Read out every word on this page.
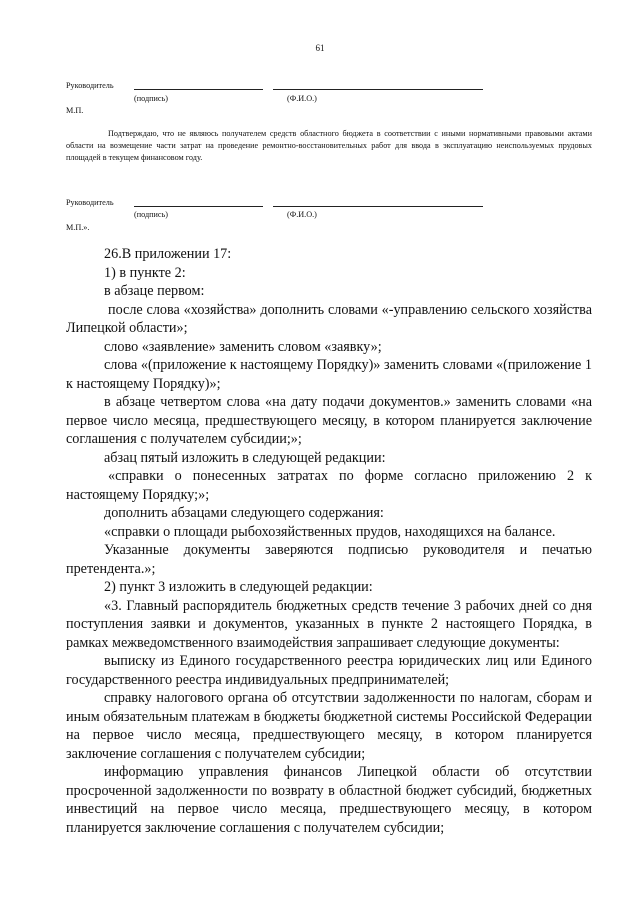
61
Руководитель
(подпись)	(Ф.И.О.)
М.П.
Подтверждаю, что не являюсь получателем средств областного бюджета в соответствии с иными нормативными правовыми актами области на возмещение части затрат на проведение ремонтно-восстановительных работ для ввода в эксплуатацию неиспользуемых прудовых площадей в текущем финансовом году.
Руководитель
(подпись)	(Ф.И.О.)
М.П.».

26.В приложении 17:

1) в пункте 2:

в абзаце первом:

после слова «хозяйства» дополнить словами «-управлению сельского хозяйства Липецкой области»;

слово «заявление» заменить словом «заявку»;

слова «(приложение к настоящему Порядку)» заменить словами «(приложение 1 к настоящему Порядку)»;

в абзаце четвертом слова «на дату подачи документов.» заменить словами «на первое число месяца, предшествующего месяцу, в котором планируется заключение соглашения с получателем субсидии;»;

абзац пятый изложить в следующей редакции:

«справки о понесенных затратах по форме согласно приложению 2 к настоящему Порядку;»;

дополнить абзацами следующего содержания:

«справки о площади рыбохозяйственных прудов, находящихся на балансе.

Указанные документы заверяются подписью руководителя и печатью претендента.»;

2) пункт 3 изложить в следующей редакции:

«3. Главный распорядитель бюджетных средств течение 3 рабочих дней со дня поступления заявки и документов, указанных в пункте 2 настоящего Порядка, в рамках межведомственного взаимодействия запрашивает следующие документы:

выписку из Единого государственного реестра юридических лиц или Единого государственного реестра индивидуальных предпринимателей;

справку налогового органа об отсутствии задолженности по налогам, сборам и иным обязательным платежам в бюджеты бюджетной системы Российской Федерации на первое число месяца, предшествующего месяцу, в котором планируется заключение соглашения с получателем субсидии;

информацию управления финансов Липецкой области об отсутствии просроченной задолженности по возврату в областной бюджет субсидий, бюджетных инвестиций на первое число месяца, предшествующего месяцу, в котором планируется заключение соглашения с получателем субсидии;
